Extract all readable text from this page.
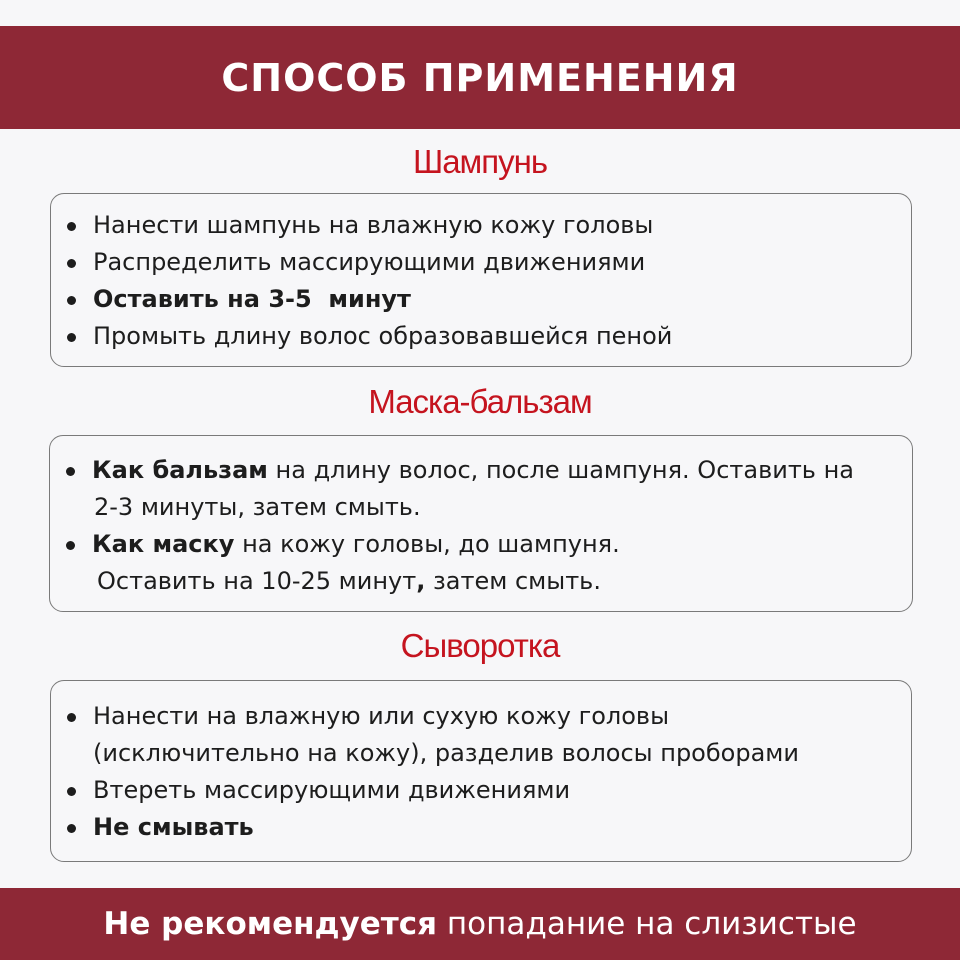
СПОСОБ ПРИМЕНЕНИЯ
Шампунь
Нанести шампунь на влажную кожу головы
Распределить массирующими движениями
Оставить на 3-5  минут
Промыть длину волос образовавшейся пеной
Маска-бальзам
Как бальзам на длину волос, после шампуня. Оставить на
2-3 минуты, затем смыть.
Как маску на кожу головы, до шампуня.
Оставить на 10-25 минут, затем смыть.
Сыворотка
Нанести на влажную или сухую кожу головы
(исключительно на кожу), разделив волосы проборами
Втереть массирующими движениями
Не смывать
Не рекомендуется попадание на слизистые
